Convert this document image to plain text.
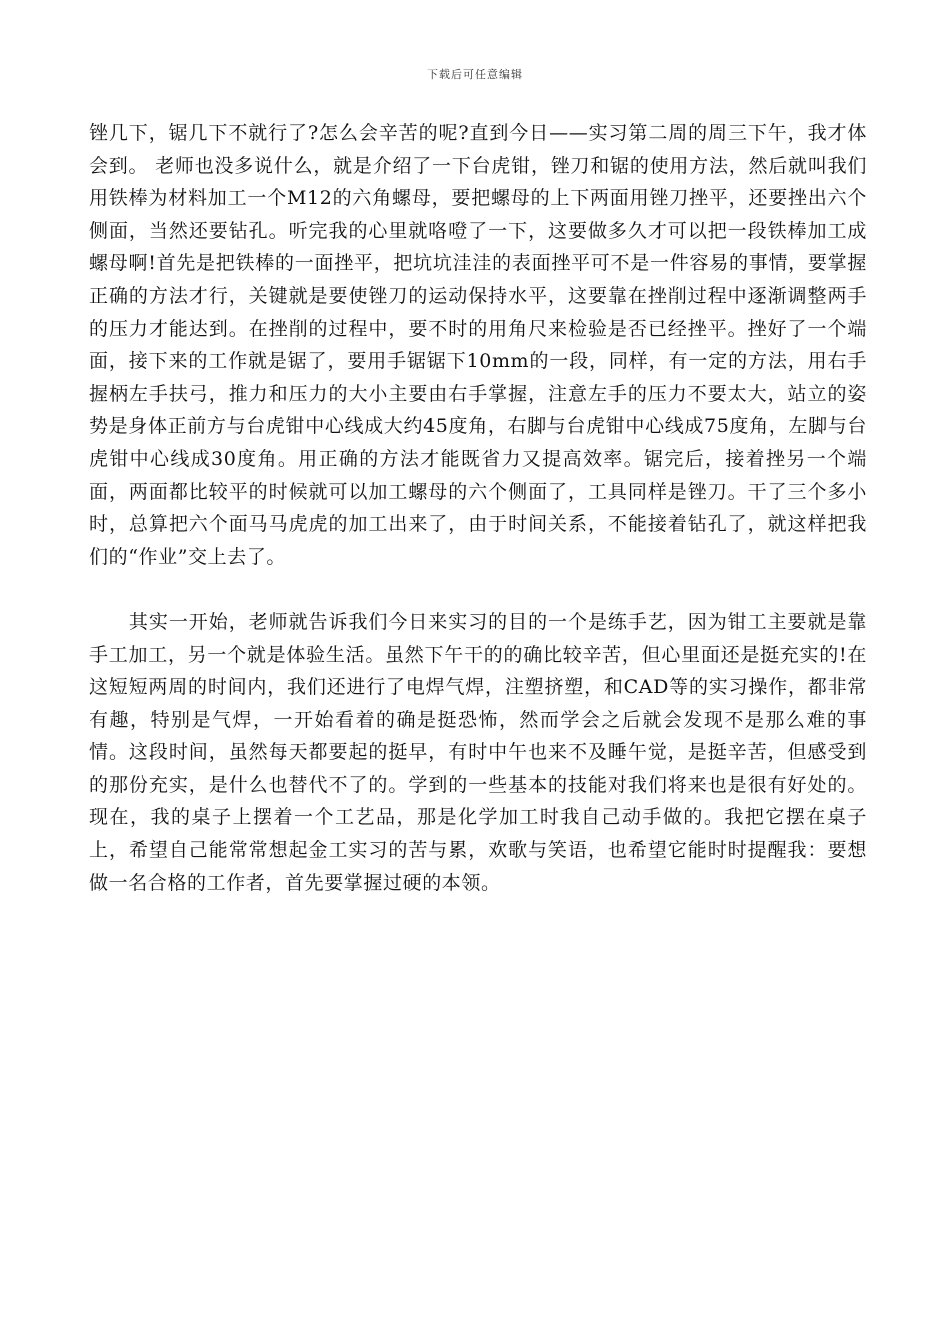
下载后可任意编辑

锉几下，锯几下不就行了?怎么会辛苦的呢?直到今日——实习第二周的周三下午，我才体会到。 老师也没多说什么，就是介绍了一下台虎钳，锉刀和锯的使用方法，然后就叫我们用铁棒为材料加工一个M12的六角螺母，要把螺母的上下两面用锉刀挫平，还要挫出六个侧面，当然还要钻孔。听完我的心里就咯噔了一下，这要做多久才可以把一段铁棒加工成螺母啊!首先是把铁棒的一面挫平，把坑坑洼洼的表面挫平可不是一件容易的事情，要掌握正确的方法才行，关键就是要使锉刀的运动保持水平，这要靠在挫削过程中逐渐调整两手的压力才能达到。在挫削的过程中，要不时的用角尺来检验是否已经挫平。挫好了一个端面，接下来的工作就是锯了，要用手锯锯下10mm的一段，同样，有一定的方法，用右手握柄左手扶弓，推力和压力的大小主要由右手掌握，注意左手的压力不要太大，站立的姿势是身体正前方与台虎钳中心线成大约45度角，右脚与台虎钳中心线成75度角，左脚与台虎钳中心线成30度角。用正确的方法才能既省力又提高效率。锯完后，接着挫另一个端面，两面都比较平的时候就可以加工螺母的六个侧面了，工具同样是锉刀。干了三个多小时，总算把六个面马马虎虎的加工出来了，由于时间关系，不能接着钻孔了，就这样把我们的“作业”交上去了。

　　其实一开始，老师就告诉我们今日来实习的目的一个是练手艺，因为钳工主要就是靠手工加工，另一个就是体验生活。虽然下午干的的确比较辛苦，但心里面还是挺充实的!在这短短两周的时间内，我们还进行了电焊气焊，注塑挤塑，和CAD等的实习操作，都非常有趣，特别是气焊，一开始看着的确是挺恐怖，然而学会之后就会发现不是那么难的事情。这段时间，虽然每天都要起的挺早，有时中午也来不及睡午觉，是挺辛苦，但感受到的那份充实，是什么也替代不了的。学到的一些基本的技能对我们将来也是很有好处的。现在，我的桌子上摆着一个工艺品，那是化学加工时我自己动手做的。我把它摆在桌子上，希望自己能常常想起金工实习的苦与累，欢歌与笑语，也希望它能时时提醒我：要想做一名合格的工作者，首先要掌握过硬的本领。
